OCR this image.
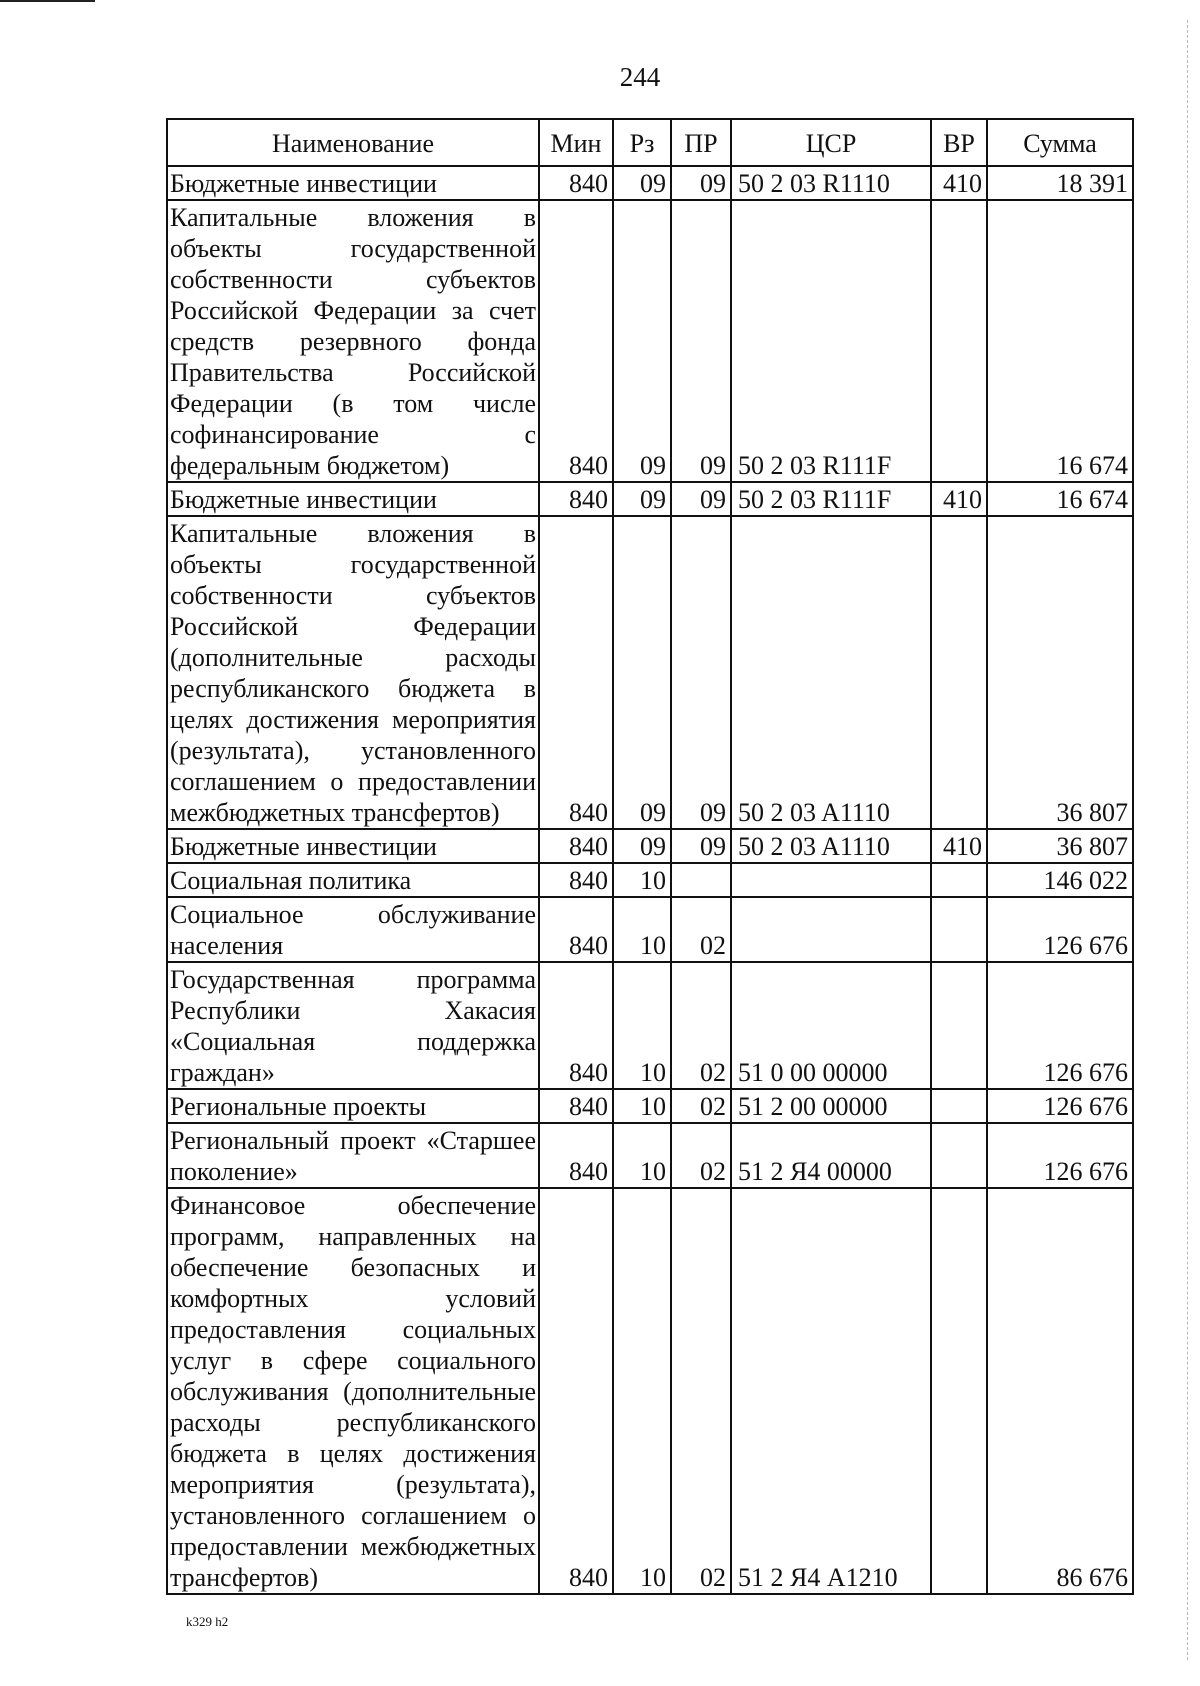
244
Наименование	Мин	Рз	ПР	ЦСР	ВР	Сумма
Бюджетные инвестиции	840	09	09	50 2 03 R1110	410	18 391
Капитальные вложения в объекты государственной собственности субъектов Российской Федерации за счет средств резервного фонда Правительства Российской Федерации (в том числе софинансирование с федеральным бюджетом)	840	09	09	50 2 03 R111F		16 674
Бюджетные инвестиции	840	09	09	50 2 03 R111F	410	16 674
Капитальные вложения в объекты государственной собственности субъектов Российской Федерации (дополнительные расходы республиканского бюджета в целях достижения мероприятия (результата), установленного соглашением о предоставлении межбюджетных трансфертов)	840	09	09	50 2 03 A1110		36 807
Бюджетные инвестиции	840	09	09	50 2 03 A1110	410	36 807
Социальная политика	840	10				146 022
Социальное обслуживание населения	840	10	02			126 676
Государственная программа Республики Хакасия «Социальная поддержка граждан»	840	10	02	51 0 00 00000		126 676
Региональные проекты	840	10	02	51 2 00 00000		126 676
Региональный проект «Старшее поколение»	840	10	02	51 2 Я4 00000		126 676
Финансовое обеспечение программ, направленных на обеспечение безопасных и комфортных условий предоставления социальных услуг в сфере социального обслуживания (дополнительные расходы республиканского бюджета в целях достижения мероприятия (результата), установленного соглашением о предоставлении межбюджетных трансфертов)	840	10	02	51 2 Я4 A1210		86 676
k329 h2
